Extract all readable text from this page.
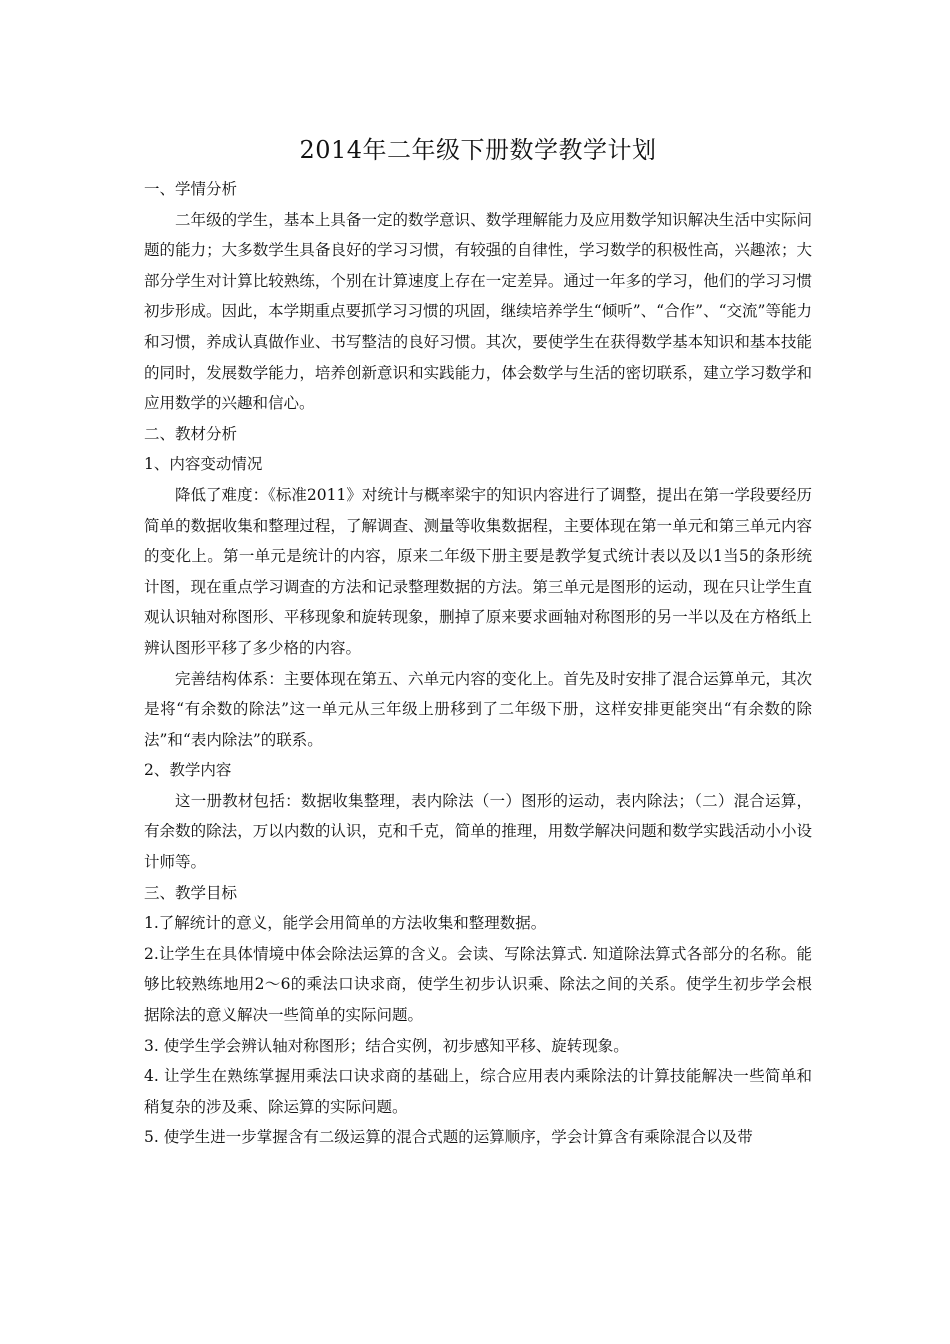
2014年二年级下册数学教学计划

一、学情分析

二年级的学生，基本上具备一定的数学意识、数学理解能力及应用数学知识解决生活中实际问题的能力；大多数学生具备良好的学习习惯，有较强的自律性，学习数学的积极性高，兴趣浓；大部分学生对计算比较熟练，个别在计算速度上存在一定差异。通过一年多的学习，他们的学习习惯初步形成。因此，本学期重点要抓学习习惯的巩固，继续培养学生“倾听”、“合作”、“交流”等能力和习惯，养成认真做作业、书写整洁的良好习惯。其次，要使学生在获得数学基本知识和基本技能的同时，发展数学能力，培养创新意识和实践能力，体会数学与生活的密切联系，建立学习数学和应用数学的兴趣和信心。

二、教材分析

1、内容变动情况

降低了难度：《标准2011》对统计与概率梁宇的知识内容进行了调整，提出在第一学段要经历简单的数据收集和整理过程，了解调查、测量等收集数据程，主要体现在第一单元和第三单元内容的变化上。第一单元是统计的内容，原来二年级下册主要是教学复式统计表以及以1当5的条形统计图，现在重点学习调查的方法和记录整理数据的方法。第三单元是图形的运动，现在只让学生直观认识轴对称图形、平移现象和旋转现象，删掉了原来要求画轴对称图形的另一半以及在方格纸上辨认图形平移了多少格的内容。

完善结构体系：主要体现在第五、六单元内容的变化上。首先及时安排了混合运算单元，其次是将“有余数的除法”这一单元从三年级上册移到了二年级下册，这样安排更能突出“有余数的除法”和“表内除法”的联系。

2、教学内容

这一册教材包括：数据收集整理，表内除法（一）图形的运动，表内除法；（二）混合运算，有余数的除法，万以内数的认识，克和千克，简单的推理，用数学解决问题和数学实践活动小小设计师等。

三、教学目标

1.了解统计的意义，能学会用简单的方法收集和整理数据。

2.让学生在具体情境中体会除法运算的含义。会读、写除法算式. 知道除法算式各部分的名称。能够比较熟练地用2～6的乘法口诀求商，使学生初步认识乘、除法之间的关系。使学生初步学会根据除法的意义解决一些简单的实际问题。

3. 使学生学会辨认轴对称图形；结合实例，初步感知平移、旋转现象。

4. 让学生在熟练掌握用乘法口诀求商的基础上，综合应用表内乘除法的计算技能解决一些简单和稍复杂的涉及乘、除运算的实际问题。

5. 使学生进一步掌握含有二级运算的混合式题的运算顺序，学会计算含有乘除混合以及带
